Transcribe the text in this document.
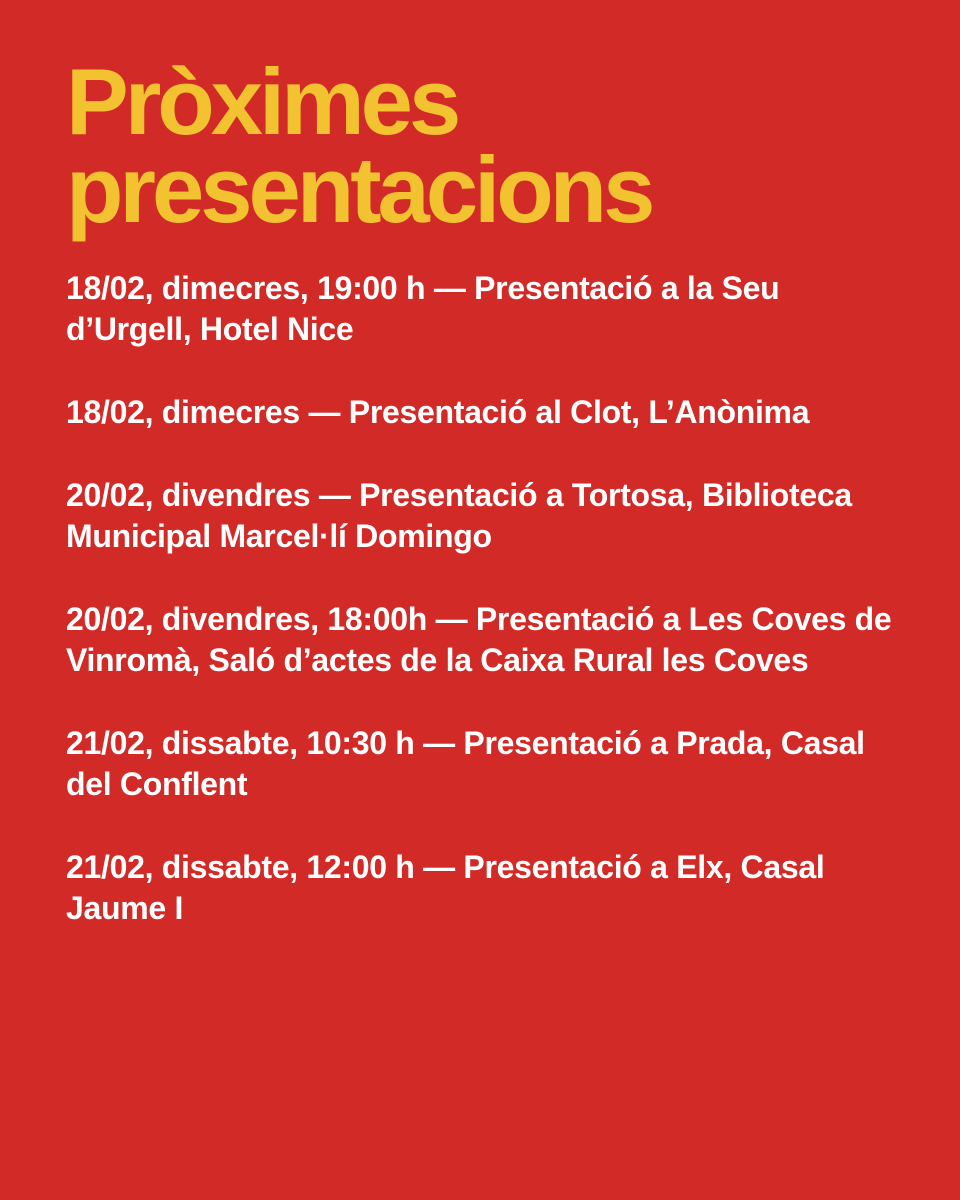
Pròximes
presentacions
18/02, dimecres, 19:00 h — Presentació a la Seu d’Urgell, Hotel Nice
18/02, dimecres — Presentació al Clot, L’Anònima
20/02, divendres — Presentació a Tortosa, Biblioteca Municipal Marcel·lí Domingo
20/02, divendres, 18:00h — Presentació a Les Coves de Vinromà, Saló d’actes de la Caixa Rural les Coves
21/02, dissabte, 10:30 h — Presentació a Prada, Casal del Conflent
21/02, dissabte, 12:00 h — Presentació a Elx, Casal Jaume I
